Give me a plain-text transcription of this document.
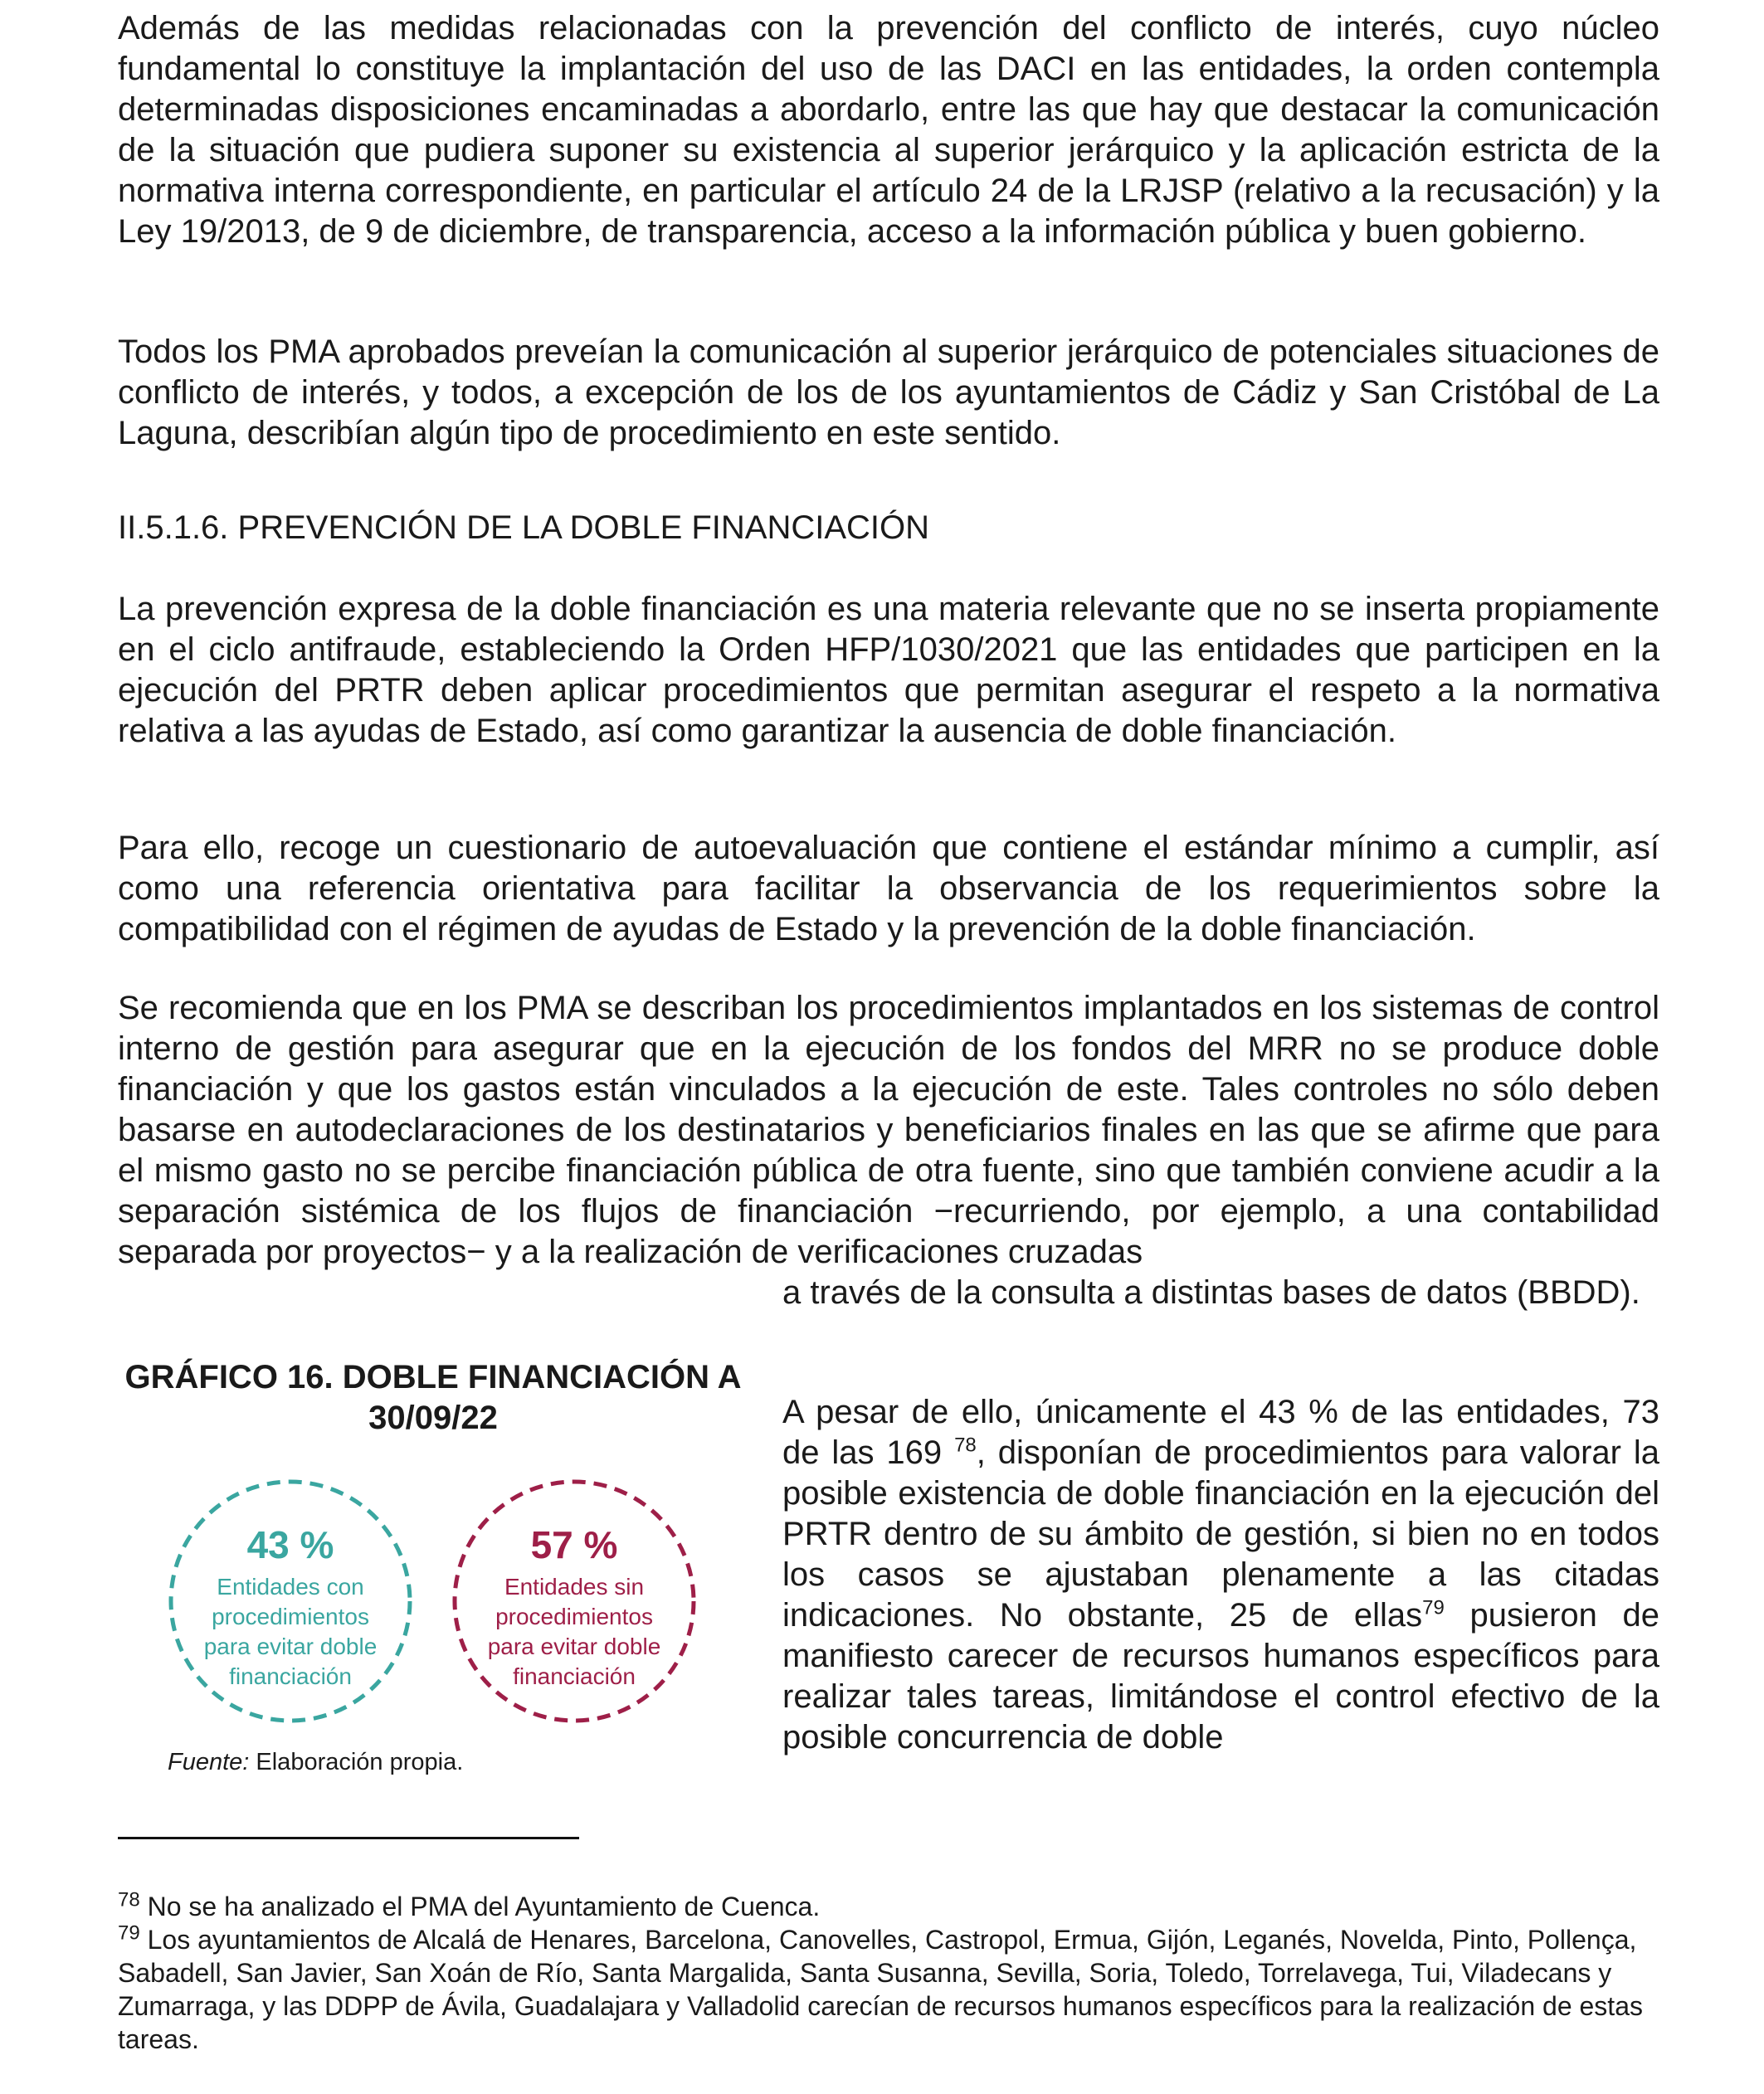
Además de las medidas relacionadas con la prevención del conflicto de interés, cuyo núcleo fundamental lo constituye la implantación del uso de las DACI en las entidades, la orden contempla determinadas disposiciones encaminadas a abordarlo, entre las que hay que destacar la comunicación de la situación que pudiera suponer su existencia al superior jerárquico y la aplicación estricta de la normativa interna correspondiente, en particular el artículo 24 de la LRJSP (relativo a la recusación) y la Ley 19/2013, de 9 de diciembre, de transparencia, acceso a la información pública y buen gobierno.

Todos los PMA aprobados preveían la comunicación al superior jerárquico de potenciales situaciones de conflicto de interés, y todos, a excepción de los de los ayuntamientos de Cádiz y San Cristóbal de La Laguna, describían algún tipo de procedimiento en este sentido.

II.5.1.6. PREVENCIÓN DE LA DOBLE FINANCIACIÓN

La prevención expresa de la doble financiación es una materia relevante que no se inserta propiamente en el ciclo antifraude, estableciendo la Orden HFP/1030/2021 que las entidades que participen en la ejecución del PRTR deben aplicar procedimientos que permitan asegurar el respeto a la normativa relativa a las ayudas de Estado, así como garantizar la ausencia de doble financiación.

Para ello, recoge un cuestionario de autoevaluación que contiene el estándar mínimo a cumplir, así como una referencia orientativa para facilitar la observancia de los requerimientos sobre la compatibilidad con el régimen de ayudas de Estado y la prevención de la doble financiación.

Se recomienda que en los PMA se describan los procedimientos implantados en los sistemas de control interno de gestión para asegurar que en la ejecución de los fondos del MRR no se produce doble financiación y que los gastos están vinculados a la ejecución de este. Tales controles no sólo deben basarse en autodeclaraciones de los destinatarios y beneficiarios finales en las que se afirme que para el mismo gasto no se percibe financiación pública de otra fuente, sino que también conviene acudir a la separación sistémica de los flujos de financiación −recurriendo, por ejemplo, a una contabilidad separada por proyectos− y a la realización de verificaciones cruzadas

a través de la consulta a distintas bases de datos (BBDD).

A pesar de ello, únicamente el 43 % de las entidades, 73 de las 169 $^{78}$, disponían de procedimientos para valorar la posible existencia de doble financiación en la ejecución del PRTR dentro de su ámbito de gestión, si bien no en todos los casos se ajustaban plenamente a las citadas indicaciones. No obstante, 25 de ellas$^{79}$ pusieron de manifiesto carecer de recursos humanos específicos para realizar tales tareas, limitándose el control efectivo de la posible concurrencia de doble

GRÁFICO 16. DOBLE FINANCIACIÓN A 30/09/22

43 %
Entidades con
procedimientos
para evitar doble
financiación
57 %
Entidades sin
procedimientos
para evitar doble
financiación

Fuente: Elaboración propia.

$^{78}$ No se ha analizado el PMA del Ayuntamiento de Cuenca.

$^{79}$ Los ayuntamientos de Alcalá de Henares, Barcelona, Canovelles, Castropol, Ermua, Gijón, Leganés, Novelda, Pinto, Pollença, Sabadell, San Javier, San Xoán de Río, Santa Margalida, Santa Susanna, Sevilla, Soria, Toledo, Torrelavega, Tui, Viladecans y Zumarraga, y las DDPP de Ávila, Guadalajara y Valladolid carecían de recursos humanos específicos para la realización de estas tareas.
